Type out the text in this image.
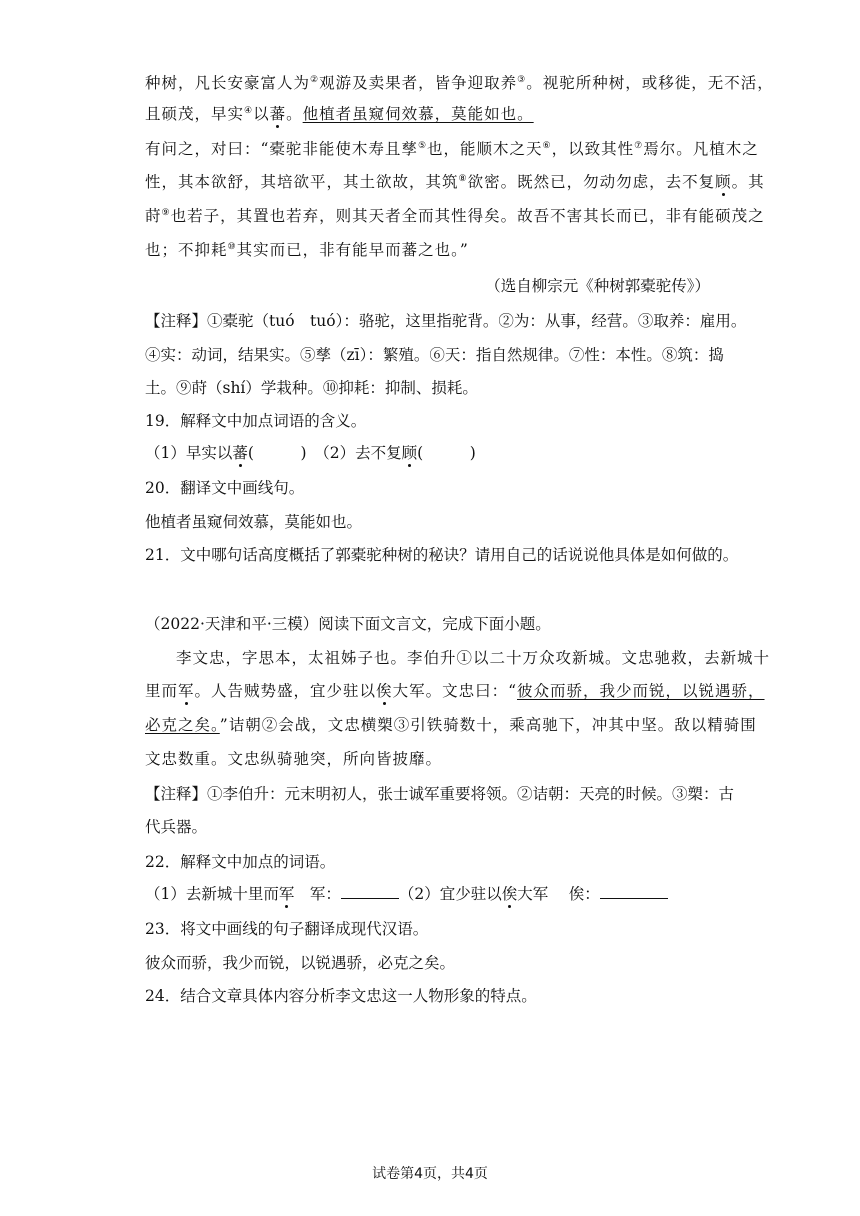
种树，凡长安豪富人为②观游及卖果者，皆争迎取养③。视驼所种树，或移徙，无不活，
且硕茂，早实④以蕃。他植者虽窥伺效慕，莫能如也。
有问之，对曰：“橐驼非能使木寿且孳⑤也，能顺木之天⑥，以致其性⑦焉尔。凡植木之
性，其本欲舒，其培欲平，其土欲故，其筑⑧欲密。既然已，勿动勿虑，去不复顾。其
莳⑨也若子，其置也若弃，则其天者全而其性得矣。故吾不害其长而已，非有能硕茂之
也；不抑耗⑩其实而已，非有能早而蕃之也。”
（选自柳宗元《种树郭橐驼传》）
【注释】①橐驼（tuó　tuó）：骆驼，这里指驼背。②为：从事，经营。③取养：雇用。
④实：动词，结果实。⑤孳（zī）：繁殖。⑥天：指自然规律。⑦性：本性。⑧筑：捣
土。⑨莳（shí）学栽种。⑩抑耗：抑制、损耗。
19．解释文中加点词语的含义。
（1）早实以蕃(　　　)　 （2）去不复顾(　　　)
20．翻译文中画线句。
他植者虽窥伺效慕，莫能如也。
21．文中哪句话高度概括了郭橐驼种树的秘诀？请用自己的话说说他具体是如何做的。
（2022·天津和平·三模）阅读下面文言文，完成下面小题。
李文忠，字思本，太祖姊子也。李伯升①以二十万众攻新城。文忠驰救，去新城十
里而军。人告贼势盛，宜少驻以俟大军。文忠曰：“彼众而骄，我少而锐，以锐遇骄，
必克之矣。”诘朝②会战，文忠横槊③引铁骑数十，乘高驰下，冲其中坚。敌以精骑围
文忠数重。文忠纵骑驰突，所向皆披靡。
【注释】①李伯升：元末明初人，张士诚军重要将领。②诘朝：天亮的时候。③槊：古
代兵器。
22．解释文中加点的词语。
（1）去新城十里而军　军：	（2）宜少驻以俟大军　 俟：
23．将文中画线的句子翻译成现代汉语。
彼众而骄，我少而锐，以锐遇骄，必克之矣。
24．结合文章具体内容分析李文忠这一人物形象的特点。
试卷第4页，共4页
